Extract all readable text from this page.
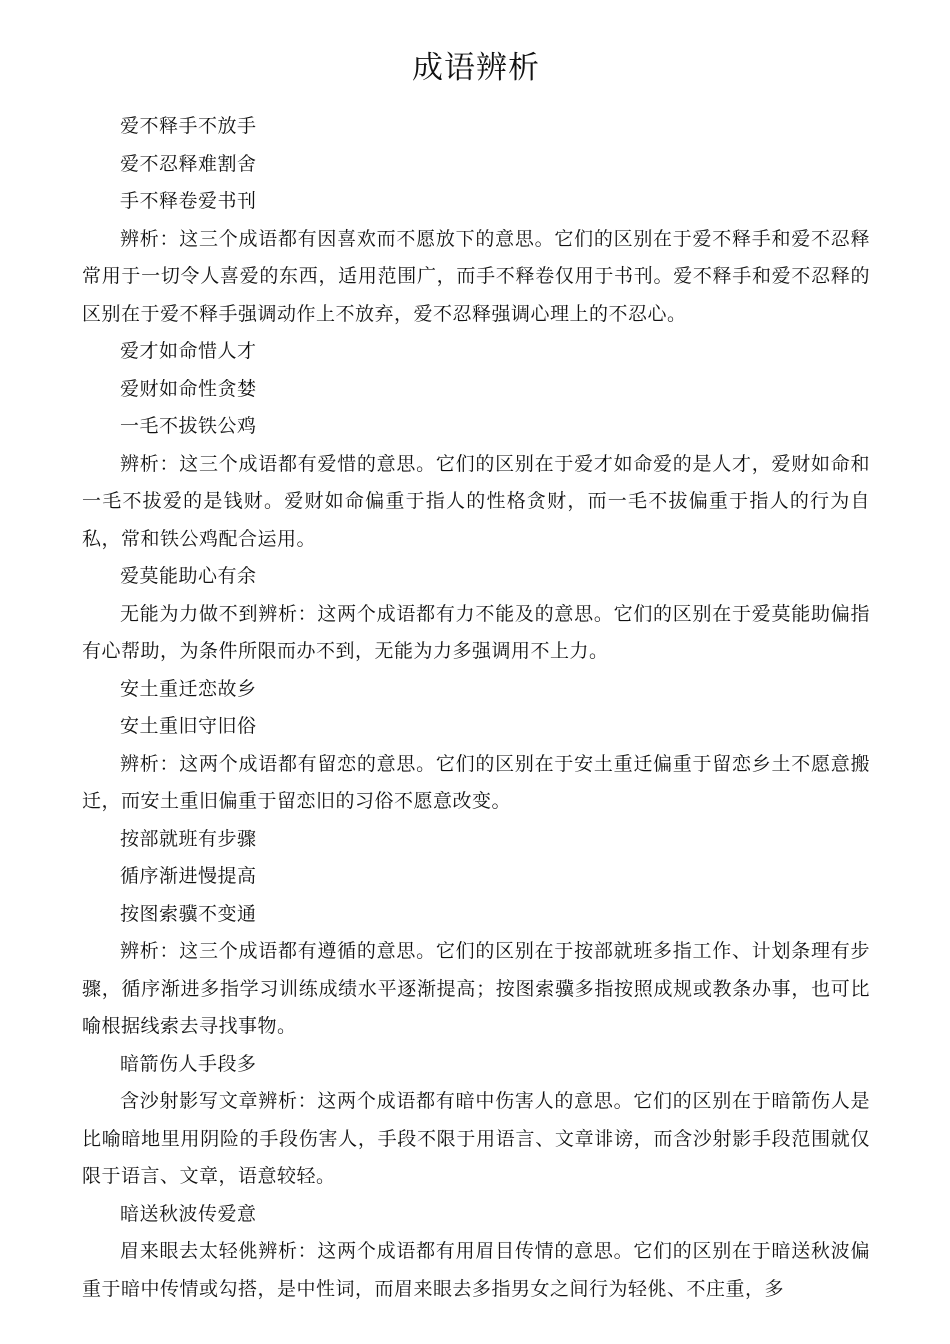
成语辨析

爱不释手不放手

爱不忍释难割舍

手不释卷爱书刊

辨析：这三个成语都有因喜欢而不愿放下的意思。它们的区别在于爱不释手和爱不忍释常用于一切令人喜爱的东西，适用范围广，而手不释卷仅用于书刊。爱不释手和爱不忍释的区别在于爱不释手强调动作上不放弃，爱不忍释强调心理上的不忍心。

爱才如命惜人才

爱财如命性贪婪

一毛不拔铁公鸡

辨析：这三个成语都有爱惜的意思。它们的区别在于爱才如命爱的是人才，爱财如命和一毛不拔爱的是钱财。爱财如命偏重于指人的性格贪财，而一毛不拔偏重于指人的行为自私，常和铁公鸡配合运用。

爱莫能助心有余

无能为力做不到辨析：这两个成语都有力不能及的意思。它们的区别在于爱莫能助偏指有心帮助，为条件所限而办不到，无能为力多强调用不上力。

安土重迁恋故乡

安土重旧守旧俗

辨析：这两个成语都有留恋的意思。它们的区别在于安土重迁偏重于留恋乡土不愿意搬迁，而安土重旧偏重于留恋旧的习俗不愿意改变。

按部就班有步骤

循序渐进慢提高

按图索骥不变通

辨析：这三个成语都有遵循的意思。它们的区别在于按部就班多指工作、计划条理有步骤，循序渐进多指学习训练成绩水平逐渐提高；按图索骥多指按照成规或教条办事，也可比喻根据线索去寻找事物。

暗箭伤人手段多

含沙射影写文章辨析：这两个成语都有暗中伤害人的意思。它们的区别在于暗箭伤人是比喻暗地里用阴险的手段伤害人，手段不限于用语言、文章诽谤，而含沙射影手段范围就仅限于语言、文章，语意较轻。

暗送秋波传爱意

眉来眼去太轻佻辨析：这两个成语都有用眉目传情的意思。它们的区别在于暗送秋波偏重于暗中传情或勾搭，是中性词，而眉来眼去多指男女之间行为轻佻、不庄重，多
